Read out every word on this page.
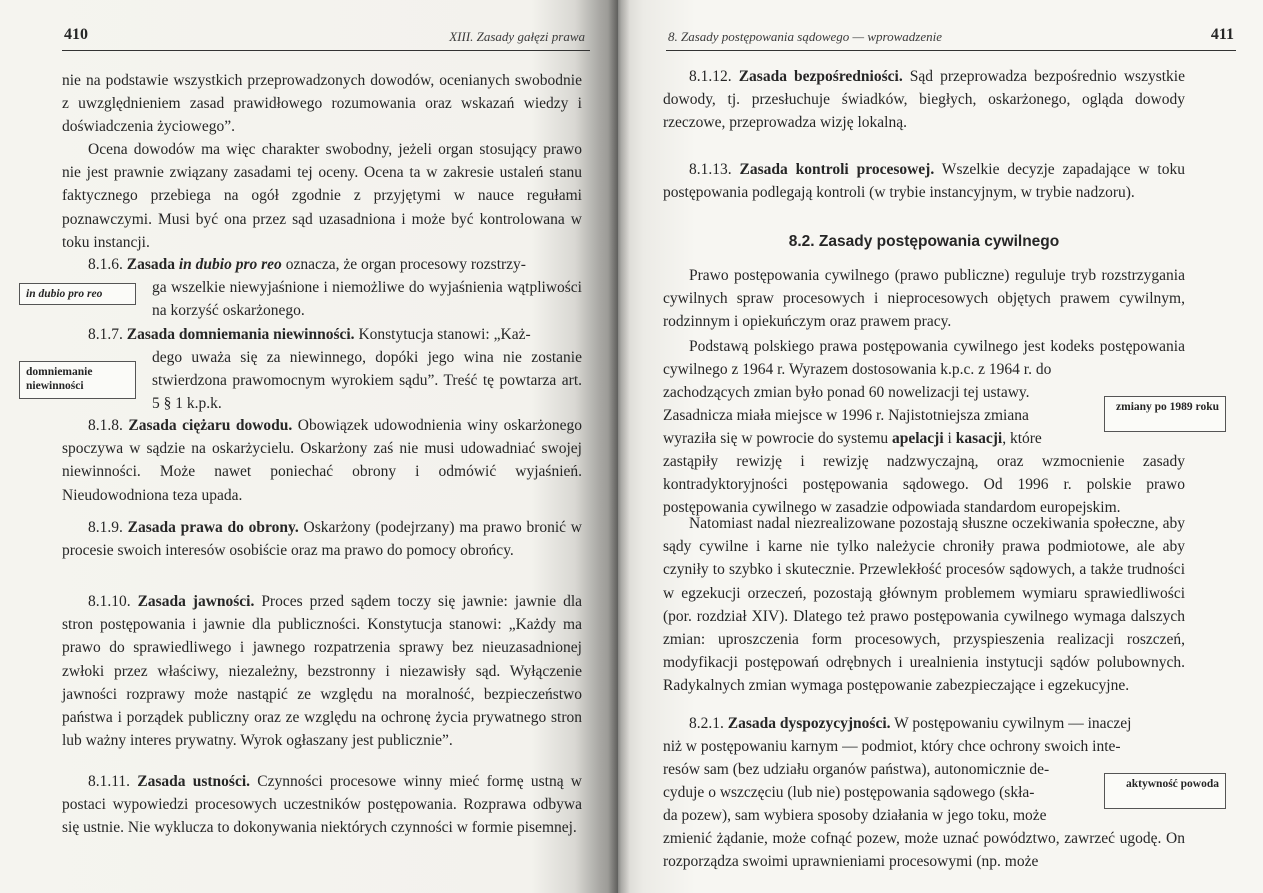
410	XIII. Zasady gałęzi prawa

nie na podstawie wszystkich przeprowadzonych dowodów, ocenianych swobodnie z uwzględnieniem zasad prawidłowego rozumowania oraz wskazań wiedzy i doświadczenia życiowego”.

Ocena dowodów ma więc charakter swobodny, jeżeli organ stosujący prawo nie jest prawnie związany zasadami tej oceny. Ocena ta w zakresie ustaleń stanu faktycznego przebiega na ogół zgodnie z przyjętymi w nauce regułami poznawczymi. Musi być ona przez sąd uzasadniona i może być kontrolowana w toku instancji.

8.1.6. Zasada in dubio pro reo oznacza, że organ procesowy rozstrzy-

ga wszelkie niewyjaśnione i niemożliwe do wyjaśnienia wątpliwości na korzyść oskarżonego.

in dubio pro reo

8.1.7. Zasada domniemania niewinności. Konstytucja stanowi: „Każ-

dego uważa się za niewinnego, dopóki jego wina nie zostanie stwierdzona prawomocnym wyrokiem sądu”. Treść tę powtarza art. 5 § 1 k.p.k.

domniemanie niewinności

8.1.8. Zasada ciężaru dowodu. Obowiązek udowodnienia winy oskarżonego spoczywa w sądzie na oskarżycielu. Oskarżony zaś nie musi udowadniać swojej niewinności. Może nawet poniechać obrony i odmówić wyjaśnień. Nieudowodniona teza upada.

8.1.9. Zasada prawa do obrony. Oskarżony (podejrzany) ma prawo bronić w procesie swoich interesów osobiście oraz ma prawo do pomocy obrońcy.

8.1.10. Zasada jawności. Proces przed sądem toczy się jawnie: jawnie dla stron postępowania i jawnie dla publiczności. Konstytucja stanowi: „Każdy ma prawo do sprawiedliwego i jawnego rozpatrzenia sprawy bez nieuzasadnionej zwłoki przez właściwy, niezależny, bezstronny i niezawisły sąd. Wyłączenie jawności rozprawy może nastąpić ze względu na moralność, bezpieczeństwo państwa i porządek publiczny oraz ze względu na ochronę życia prywatnego stron lub ważny interes prywatny. Wyrok ogłaszany jest publicznie”.

8.1.11. Zasada ustności. Czynności procesowe winny mieć formę ustną w postaci wypowiedzi procesowych uczestników postępowania. Rozprawa odbywa się ustnie. Nie wyklucza to dokonywania niektórych czynności w formie pisemnej.

8. Zasady postępowania sądowego — wprowadzenie	411

8.1.12. Zasada bezpośredniości. Sąd przeprowadza bezpośrednio wszystkie dowody, tj. przesłuchuje świadków, biegłych, oskarżonego, ogląda dowody rzeczowe, przeprowadza wizję lokalną.

8.1.13. Zasada kontroli procesowej. Wszelkie decyzje zapadające w toku postępowania podlegają kontroli (w trybie instancyjnym, w trybie nadzoru).

8.2. Zasady postępowania cywilnego

Prawo postępowania cywilnego (prawo publiczne) reguluje tryb rozstrzygania cywilnych spraw procesowych i nieprocesowych objętych prawem cywilnym, rodzinnym i opiekuńczym oraz prawem pracy.

Podstawą polskiego prawa postępowania cywilnego jest kodeks postępowania cywilnego z 1964 r. Wyrazem dostosowania k.p.c. z 1964 r. do

zachodzących zmian było ponad 60 nowelizacji tej ustawy.

Zasadnicza miała miejsce w 1996 r. Najistotniejsza zmiana

wyraziła się w powrocie do systemu apelacji i kasacji, które

zastąpiły rewizję i rewizję nadzwyczajną, oraz wzmocnienie zasady kontradyktoryjności postępowania sądowego. Od 1996 r. polskie prawo postępowania cywilnego w zasadzie odpowiada standardom europejskim.

zmiany po 1989 roku

Natomiast nadal niezrealizowane pozostają słuszne oczekiwania społeczne, aby sądy cywilne i karne nie tylko należycie chroniły prawa podmiotowe, ale aby czyniły to szybko i skutecznie. Przewlekłość procesów sądowych, a także trudności w egzekucji orzeczeń, pozostają głównym problemem wymiaru sprawiedliwości (por. rozdział XIV). Dlatego też prawo postępowania cywilnego wymaga dalszych zmian: uproszczenia form procesowych, przyspieszenia realizacji roszczeń, modyfikacji postępowań odrębnych i urealnienia instytucji sądów polubownych. Radykalnych zmian wymaga postępowanie zabezpieczające i egzekucyjne.

8.2.1. Zasada dyspozycyjności. W postępowaniu cywilnym — inaczej

niż w postępowaniu karnym — podmiot, który chce ochrony swoich inte-

resów sam (bez udziału organów państwa), autonomicznie de-

cyduje o wszczęciu (lub nie) postępowania sądowego (skła-

da pozew), sam wybiera sposoby działania w jego toku, może

zmienić żądanie, może cofnąć pozew, może uznać powództwo, zawrzeć ugodę. On rozporządza swoimi uprawnieniami procesowymi (np. może

aktywność powoda
